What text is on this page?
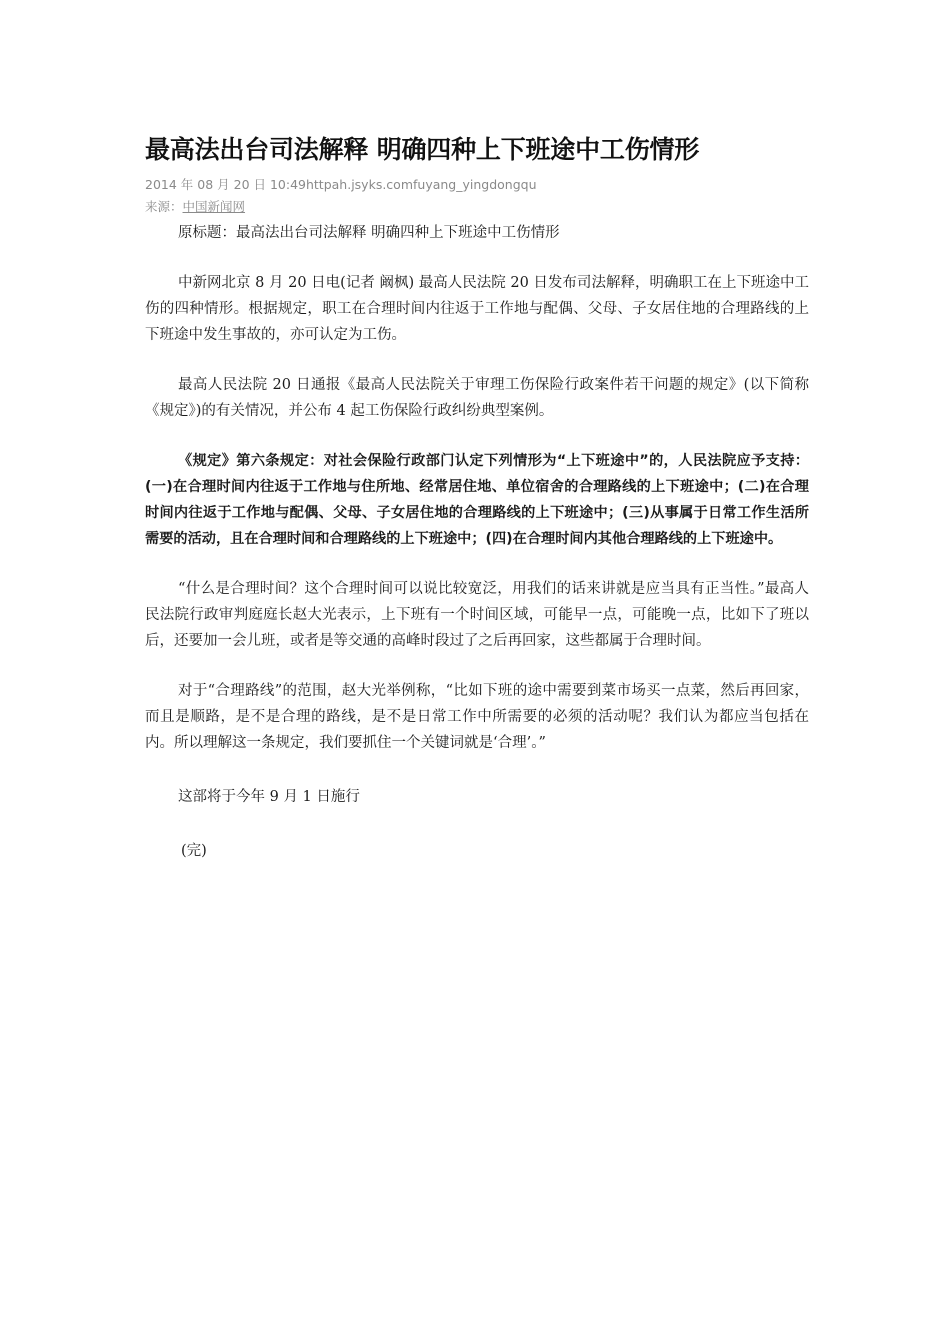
最高法出台司法解释 明确四种上下班途中工伤情形
2014 年 08 月 20 日 10:49httpah.jsyks.comfuyang_yingdongqu
来源：中国新闻网

原标题：最高法出台司法解释 明确四种上下班途中工伤情形

中新网北京 8 月 20 日电(记者 阚枫) 最高人民法院 20 日发布司法解释，明确职工在上下班途中工伤的四种情形。根据规定，职工在合理时间内往返于工作地与配偶、父母、子女居住地的合理路线的上下班途中发生事故的，亦可认定为工伤。

最高人民法院 20 日通报《最高人民法院关于审理工伤保险行政案件若干问题的规定》(以下简称《规定》)的有关情况，并公布 4 起工伤保险行政纠纷典型案例。

《规定》第六条规定：对社会保险行政部门认定下列情形为“上下班途中”的，人民法院应予支持：(一)在合理时间内往返于工作地与住所地、经常居住地、单位宿舍的合理路线的上下班途中；(二)在合理时间内往返于工作地与配偶、父母、子女居住地的合理路线的上下班途中；(三)从事属于日常工作生活所需要的活动，且在合理时间和合理路线的上下班途中；(四)在合理时间内其他合理路线的上下班途中。

“什么是合理时间？这个合理时间可以说比较宽泛，用我们的话来讲就是应当具有正当性。”最高人民法院行政审判庭庭长赵大光表示，上下班有一个时间区域，可能早一点，可能晚一点，比如下了班以后，还要加一会儿班，或者是等交通的高峰时段过了之后再回家，这些都属于合理时间。

对于“合理路线”的范围，赵大光举例称，“比如下班的途中需要到菜市场买一点菜，然后再回家，而且是顺路，是不是合理的路线，是不是日常工作中所需要的必须的活动呢？我们认为都应当包括在内。所以理解这一条规定，我们要抓住一个关键词就是‘合理’。”

这部将于今年 9 月 1 日施行

(完)
